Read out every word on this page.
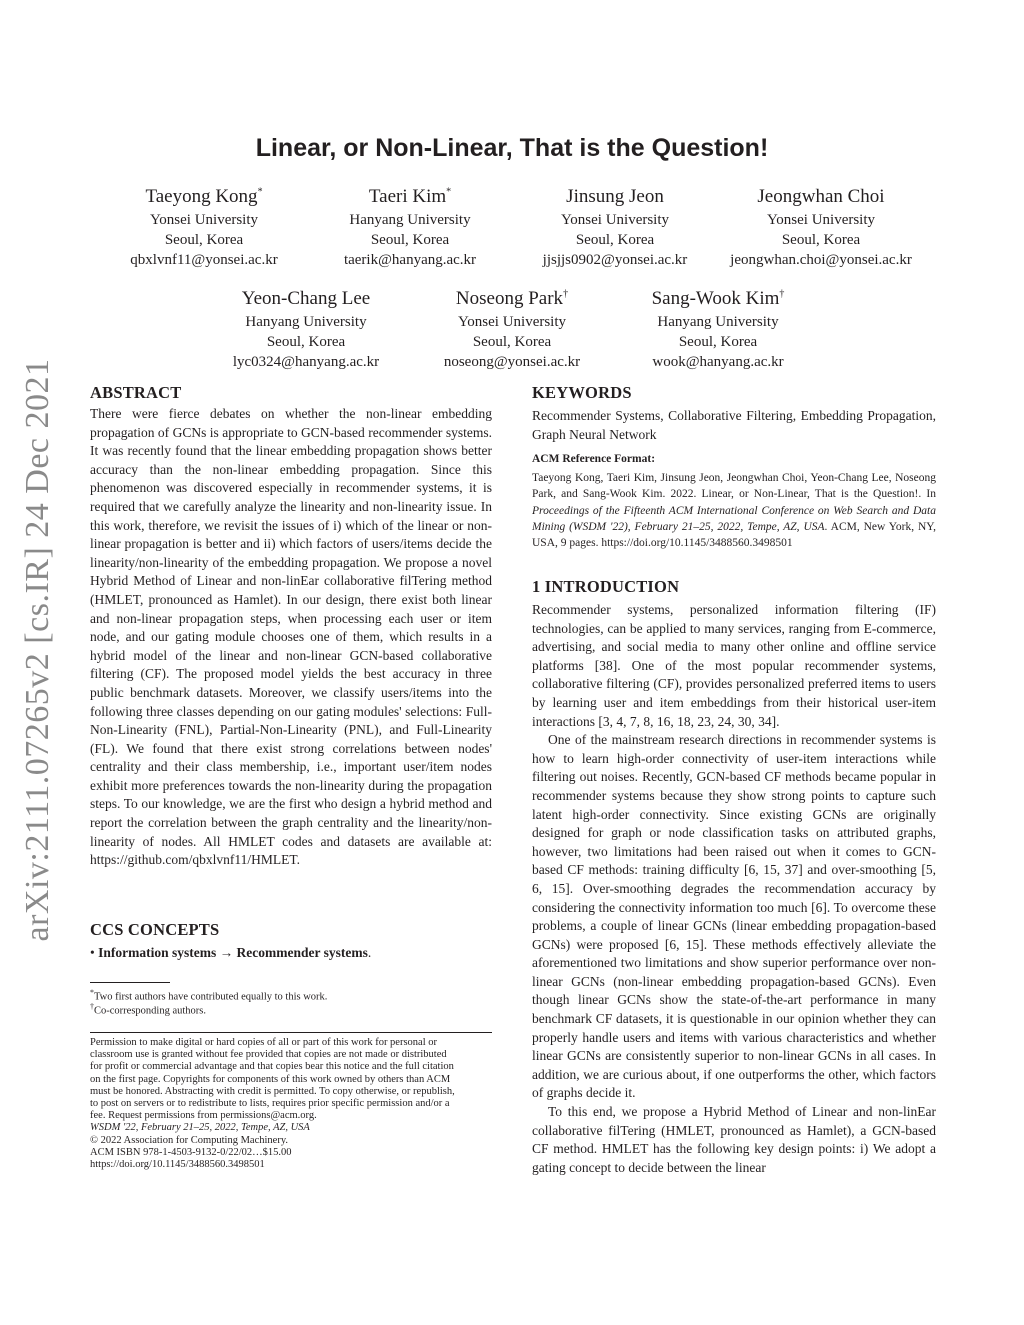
arXiv:2111.07265v2 [cs.IR] 24 Dec 2021
Linear, or Non-Linear, That is the Question!
Taeyong Kong*
Yonsei University
Seoul, Korea
qbxlvnf11@yonsei.ac.kr
Taeri Kim*
Hanyang University
Seoul, Korea
taerik@hanyang.ac.kr
Jinsung Jeon
Yonsei University
Seoul, Korea
jjsjjs0902@yonsei.ac.kr
Jeongwhan Choi
Yonsei University
Seoul, Korea
jeongwhan.choi@yonsei.ac.kr
Yeon-Chang Lee
Hanyang University
Seoul, Korea
lyc0324@hanyang.ac.kr
Noseong Park†
Yonsei University
Seoul, Korea
noseong@yonsei.ac.kr
Sang-Wook Kim†
Hanyang University
Seoul, Korea
wook@hanyang.ac.kr
ABSTRACT
There were fierce debates on whether the non-linear embedding propagation of GCNs is appropriate to GCN-based recommender systems. It was recently found that the linear embedding propagation shows better accuracy than the non-linear embedding propagation. Since this phenomenon was discovered especially in recommender systems, it is required that we carefully analyze the linearity and non-linearity issue. In this work, therefore, we revisit the issues of i) which of the linear or non-linear propagation is better and ii) which factors of users/items decide the linearity/non-linearity of the embedding propagation. We propose a novel Hybrid Method of Linear and non-linEar collaborative filTering method (HMLET, pronounced as Hamlet). In our design, there exist both linear and non-linear propagation steps, when processing each user or item node, and our gating module chooses one of them, which results in a hybrid model of the linear and non-linear GCN-based collaborative filtering (CF). The proposed model yields the best accuracy in three public benchmark datasets. Moreover, we classify users/items into the following three classes depending on our gating modules' selections: Full-Non-Linearity (FNL), Partial-Non-Linearity (PNL), and Full-Linearity (FL). We found that there exist strong correlations between nodes' centrality and their class membership, i.e., important user/item nodes exhibit more preferences towards the non-linearity during the propagation steps. To our knowledge, we are the first who design a hybrid method and report the correlation between the graph centrality and the linearity/non-linearity of nodes. All HMLET codes and datasets are available at: https://github.com/qbxlvnf11/HMLET.
CCS CONCEPTS
• Information systems → Recommender systems.
*Two first authors have contributed equally to this work.
†Co-corresponding authors.
Permission to make digital or hard copies of all or part of this work for personal or
classroom use is granted without fee provided that copies are not made or distributed
for profit or commercial advantage and that copies bear this notice and the full citation
on the first page. Copyrights for components of this work owned by others than ACM
must be honored. Abstracting with credit is permitted. To copy otherwise, or republish,
to post on servers or to redistribute to lists, requires prior specific permission and/or a
fee. Request permissions from permissions@acm.org.
WSDM '22, February 21–25, 2022, Tempe, AZ, USA
© 2022 Association for Computing Machinery.
ACM ISBN 978-1-4503-9132-0/22/02…$15.00
https://doi.org/10.1145/3488560.3498501
KEYWORDS
Recommender Systems, Collaborative Filtering, Embedding Propagation, Graph Neural Network
ACM Reference Format:
Taeyong Kong, Taeri Kim, Jinsung Jeon, Jeongwhan Choi, Yeon-Chang Lee, Noseong Park, and Sang-Wook Kim. 2022. Linear, or Non-Linear, That is the Question!. In Proceedings of the Fifteenth ACM International Conference on Web Search and Data Mining (WSDM '22), February 21–25, 2022, Tempe, AZ, USA. ACM, New York, NY, USA, 9 pages. https://doi.org/10.1145/3488560.3498501
1 INTRODUCTION

Recommender systems, personalized information filtering (IF) technologies, can be applied to many services, ranging from E-commerce, advertising, and social media to many other online and offline service platforms [38]. One of the most popular recommender systems, collaborative filtering (CF), provides personalized preferred items to users by learning user and item embeddings from their historical user-item interactions [3, 4, 7, 8, 16, 18, 23, 24, 30, 34].

One of the mainstream research directions in recommender systems is how to learn high-order connectivity of user-item interactions while filtering out noises. Recently, GCN-based CF methods became popular in recommender systems because they show strong points to capture such latent high-order connectivity. Since existing GCNs are originally designed for graph or node classification tasks on attributed graphs, however, two limitations had been raised out when it comes to GCN-based CF methods: training difficulty [6, 15, 37] and over-smoothing [5, 6, 15]. Over-smoothing degrades the recommendation accuracy by considering the connectivity information too much [6]. To overcome these problems, a couple of linear GCNs (linear embedding propagation-based GCNs) were proposed [6, 15]. These methods effectively alleviate the aforementioned two limitations and show superior performance over non-linear GCNs (non-linear embedding propagation-based GCNs). Even though linear GCNs show the state-of-the-art performance in many benchmark CF datasets, it is questionable in our opinion whether they can properly handle users and items with various characteristics and whether linear GCNs are consistently superior to non-linear GCNs in all cases. In addition, we are curious about, if one outperforms the other, which factors of graphs decide it.

To this end, we propose a Hybrid Method of Linear and non-linEar collaborative filTering (HMLET, pronounced as Hamlet), a GCN-based CF method. HMLET has the following key design points: i) We adopt a gating concept to decide between the linear
